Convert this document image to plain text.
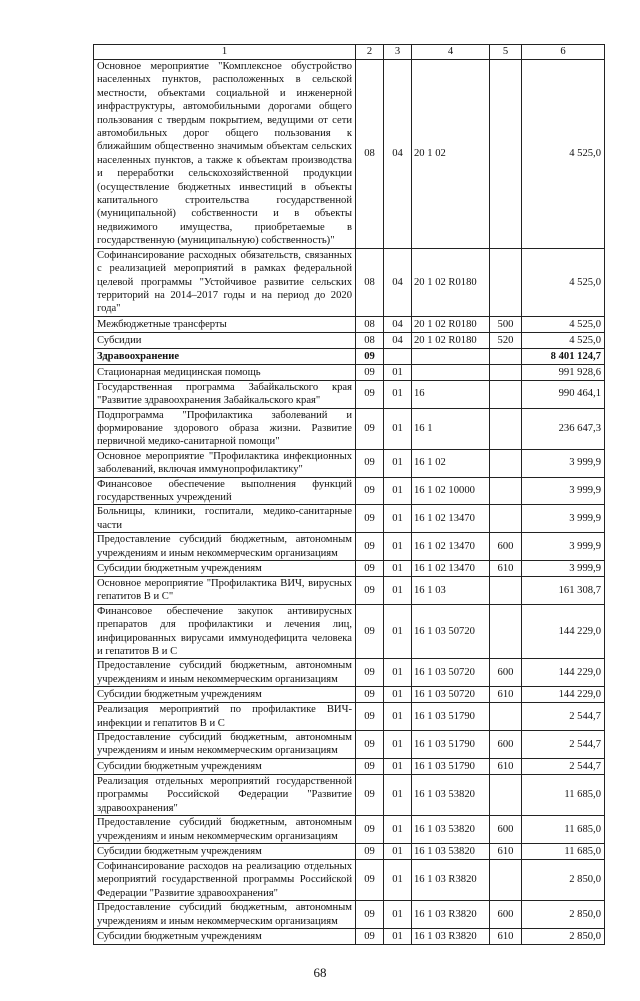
1	2	3	4	5	6
Основное мероприятие "Комплексное обустройство населенных пунктов, расположенных в сельской местности, объектами социальной и инженерной инфраструктуры, автомобильными дорогами общего пользования с твердым покрытием, ведущими от сети автомобильных дорог общего пользования к ближайшим общественно значимым объектам сельских населенных пунктов, а также к объектам производства и переработки сельскохозяйственной продукции (осуществление бюджетных инвестиций в объекты капитального строительства государственной (муниципальной) собственности и в объекты недвижимого имущества, приобретаемые в государственную (муниципальную) собственность)"	08	04	20 1 02		4 525,0
Софинансирование расходных обязательств, связанных с реализацией мероприятий в рамках федеральной целевой программы "Устойчивое развитие сельских территорий на 2014–2017 годы и на период до 2020 года"	08	04	20 1 02 R0180		4 525,0
Межбюджетные трансферты	08	04	20 1 02 R0180	500	4 525,0
Субсидии	08	04	20 1 02 R0180	520	4 525,0
Здравоохранение	09				8 401 124,7
Стационарная медицинская помощь	09	01			991 928,6
Государственная программа Забайкальского края "Развитие здравоохранения Забайкальского края"	09	01	16		990 464,1
Подпрограмма "Профилактика заболеваний и формирование здорового образа жизни. Развитие первичной медико-санитарной помощи"	09	01	16 1		236 647,3
Основное мероприятие "Профилактика инфекционных заболеваний, включая иммунопрофилактику"	09	01	16 1 02		3 999,9
Финансовое обеспечение выполнения функций государственных учреждений	09	01	16 1 02 10000		3 999,9
Больницы, клиники, госпитали, медико-санитарные части	09	01	16 1 02 13470		3 999,9
Предоставление субсидий бюджетным, автономным учреждениям и иным некоммерческим организациям	09	01	16 1 02 13470	600	3 999,9
Субсидии бюджетным учреждениям	09	01	16 1 02 13470	610	3 999,9
Основное мероприятие "Профилактика ВИЧ, вирусных гепатитов В и С"	09	01	16 1 03		161 308,7
Финансовое обеспечение закупок антивирусных препаратов для профилактики и лечения лиц, инфицированных вирусами иммунодефицита человека и гепатитов В и С	09	01	16 1 03 50720		144 229,0
Предоставление субсидий бюджетным, автономным учреждениям и иным некоммерческим организациям	09	01	16 1 03 50720	600	144 229,0
Субсидии бюджетным учреждениям	09	01	16 1 03 50720	610	144 229,0
Реализация мероприятий по профилактике ВИЧ-инфекции и гепатитов В и С	09	01	16 1 03 51790		2 544,7
Предоставление субсидий бюджетным, автономным учреждениям и иным некоммерческим организациям	09	01	16 1 03 51790	600	2 544,7
Субсидии бюджетным учреждениям	09	01	16 1 03 51790	610	2 544,7
Реализация отдельных мероприятий государственной программы Российской Федерации "Развитие здравоохранения"	09	01	16 1 03 53820		11 685,0
Предоставление субсидий бюджетным, автономным учреждениям и иным некоммерческим организациям	09	01	16 1 03 53820	600	11 685,0
Субсидии бюджетным учреждениям	09	01	16 1 03 53820	610	11 685,0
Софинансирование расходов на реализацию отдельных мероприятий государственной программы Российской Федерации "Развитие здравоохранения"	09	01	16 1 03 R3820		2 850,0
Предоставление субсидий бюджетным, автономным учреждениям и иным некоммерческим организациям	09	01	16 1 03 R3820	600	2 850,0
Субсидии бюджетным учреждениям	09	01	16 1 03 R3820	610	2 850,0
68
